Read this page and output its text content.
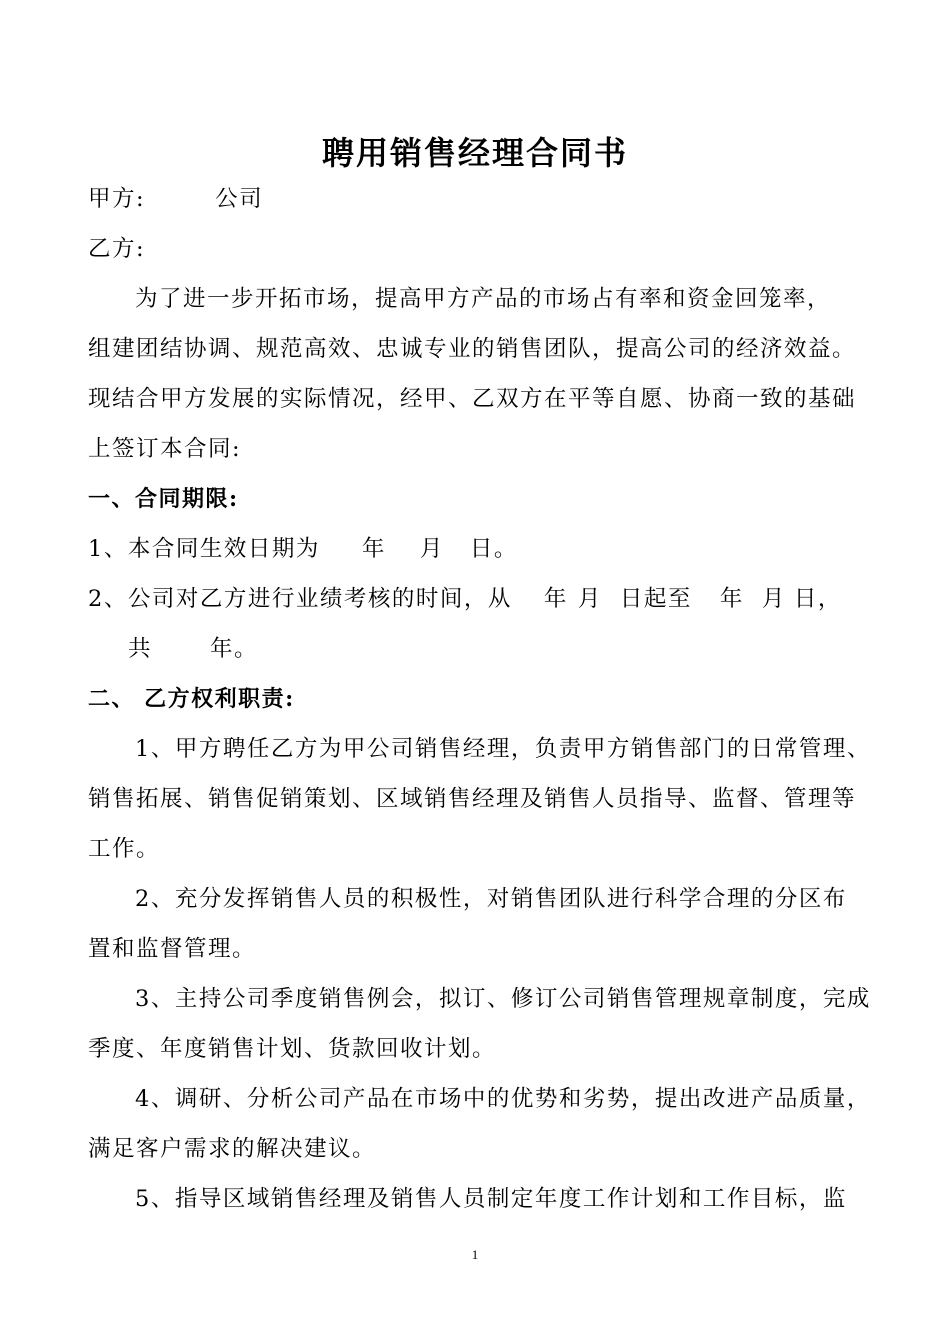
聘用销售经理合同书
甲方:	公司
乙方:
为了进一步开拓市场，提高甲方产品的市场占有率和资金回笼率，
组建团结协调、规范高效、忠诚专业的销售团队，提高公司的经济效益。
现结合甲方发展的实际情况，经甲、乙双方在平等自愿、协商一致的基础
上签订本合同:
一、合同期限:
1、本合同生效日期为 年 月 日。
2、公司对乙方进行业绩考核的时间，从 年 月 日起至 年 月 日，
共	年。
二、 乙方权利职责:
1、甲方聘任乙方为甲公司销售经理，负责甲方销售部门的日常管理、
销售拓展、销售促销策划、区域销售经理及销售人员指导、监督、管理等
工作。
2、充分发挥销售人员的积极性，对销售团队进行科学合理的分区布
置和监督管理。
3、主持公司季度销售例会，拟订、修订公司销售管理规章制度，完成
季度、年度销售计划、货款回收计划。
4、调研、分析公司产品在市场中的优势和劣势，提出改进产品质量，
满足客户需求的解决建议。
5、指导区域销售经理及销售人员制定年度工作计划和工作目标，监
1
